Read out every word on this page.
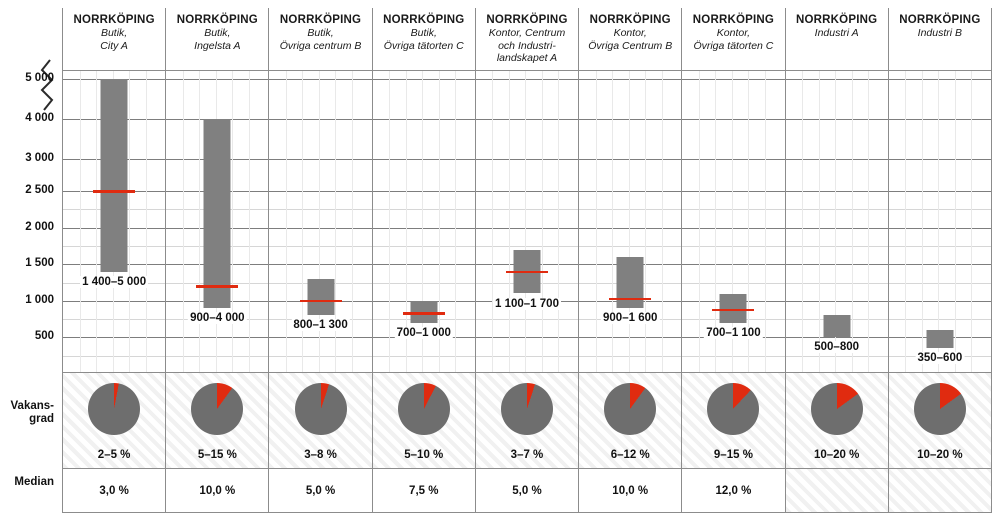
5 000
4 000
3 000
2 500
2 000
1 500
1 000
500
Vakans-
grad
Median
NORRKÖPING
Butik,
City A
NORRKÖPING
Butik,
Ingelsta A
NORRKÖPING
Butik,
Övriga centrum B
NORRKÖPING
Butik,
Övriga tätorten C
NORRKÖPING
Kontor, Centrum
och Industri-
landskapet A
NORRKÖPING
Kontor,
Övriga Centrum B
NORRKÖPING
Kontor,
Övriga tätorten C
NORRKÖPING
Industri A
NORRKÖPING
Industri B
1 400–5 000
900–4 000
800–1 300
700–1 000
1 100–1 700
900–1 600
700–1 100
500–800
350–600
2–5 %	5–15 %	3–8 %	5–10 %	3–7 %	6–12 %	9–15 %	10–20 %	10–20 %
3,0 %	10,0 %	5,0 %	7,5 %	5,0 %	10,0 %	12,0 %
